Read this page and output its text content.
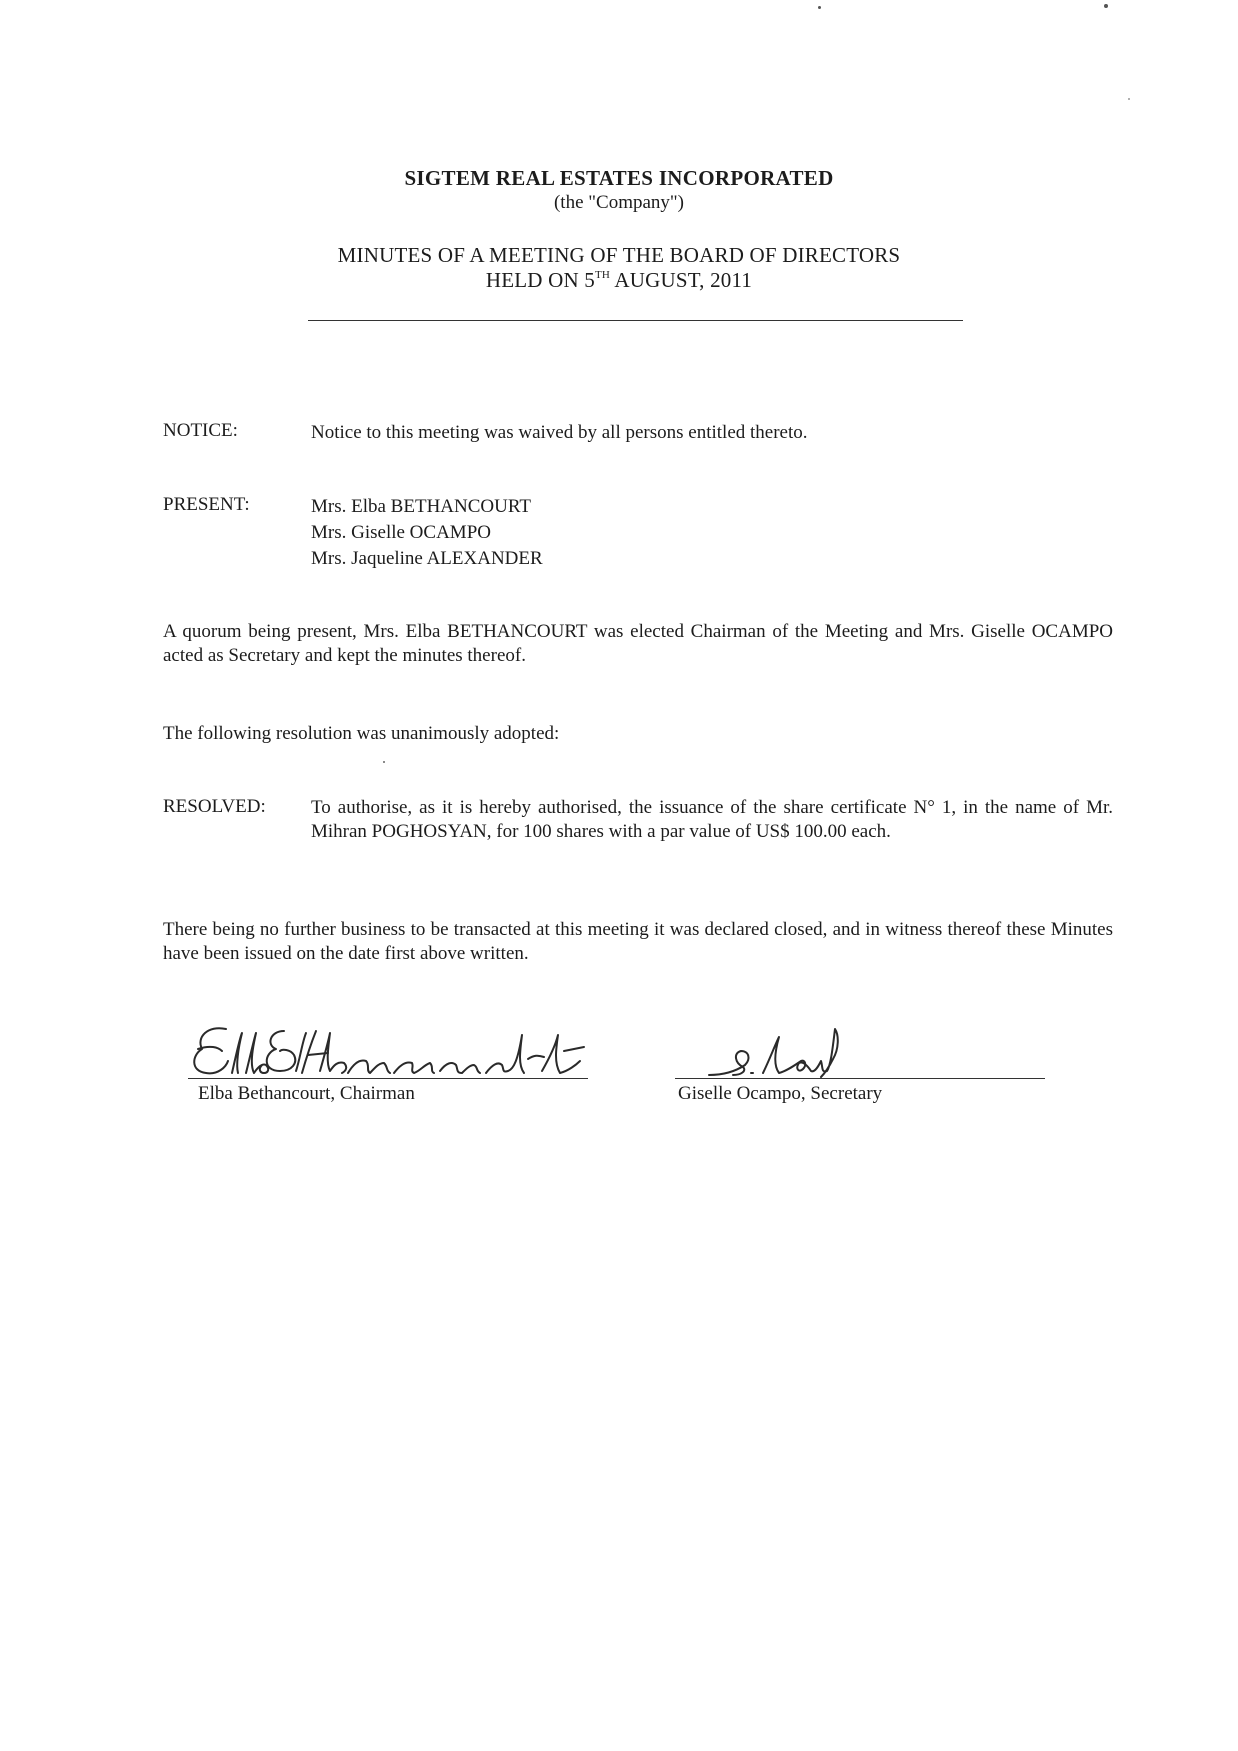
SIGTEM REAL ESTATES INCORPORATED
(the "Company")
MINUTES OF A MEETING OF THE BOARD OF DIRECTORS
HELD ON 5TH AUGUST, 2011
NOTICE:	Notice to this meeting was waived by all persons entitled thereto.
PRESENT:	Mrs. Elba BETHANCOURT
Mrs. Giselle OCAMPO
Mrs. Jaqueline ALEXANDER
A quorum being present, Mrs. Elba BETHANCOURT was elected Chairman of the Meeting and Mrs. Giselle OCAMPO acted as Secretary and kept the minutes thereof.
The following resolution was unanimously adopted:
RESOLVED: To authorise, as it is hereby authorised, the issuance of the share certificate N° 1, in the name of Mr. Mihran POGHOSYAN, for 100 shares with a par value of US$ 100.00 each.
There being no further business to be transacted at this meeting it was declared closed, and in witness thereof these Minutes have been issued on the date first above written.
Elba Bethancourt, Chairman	Giselle Ocampo, Secretary
